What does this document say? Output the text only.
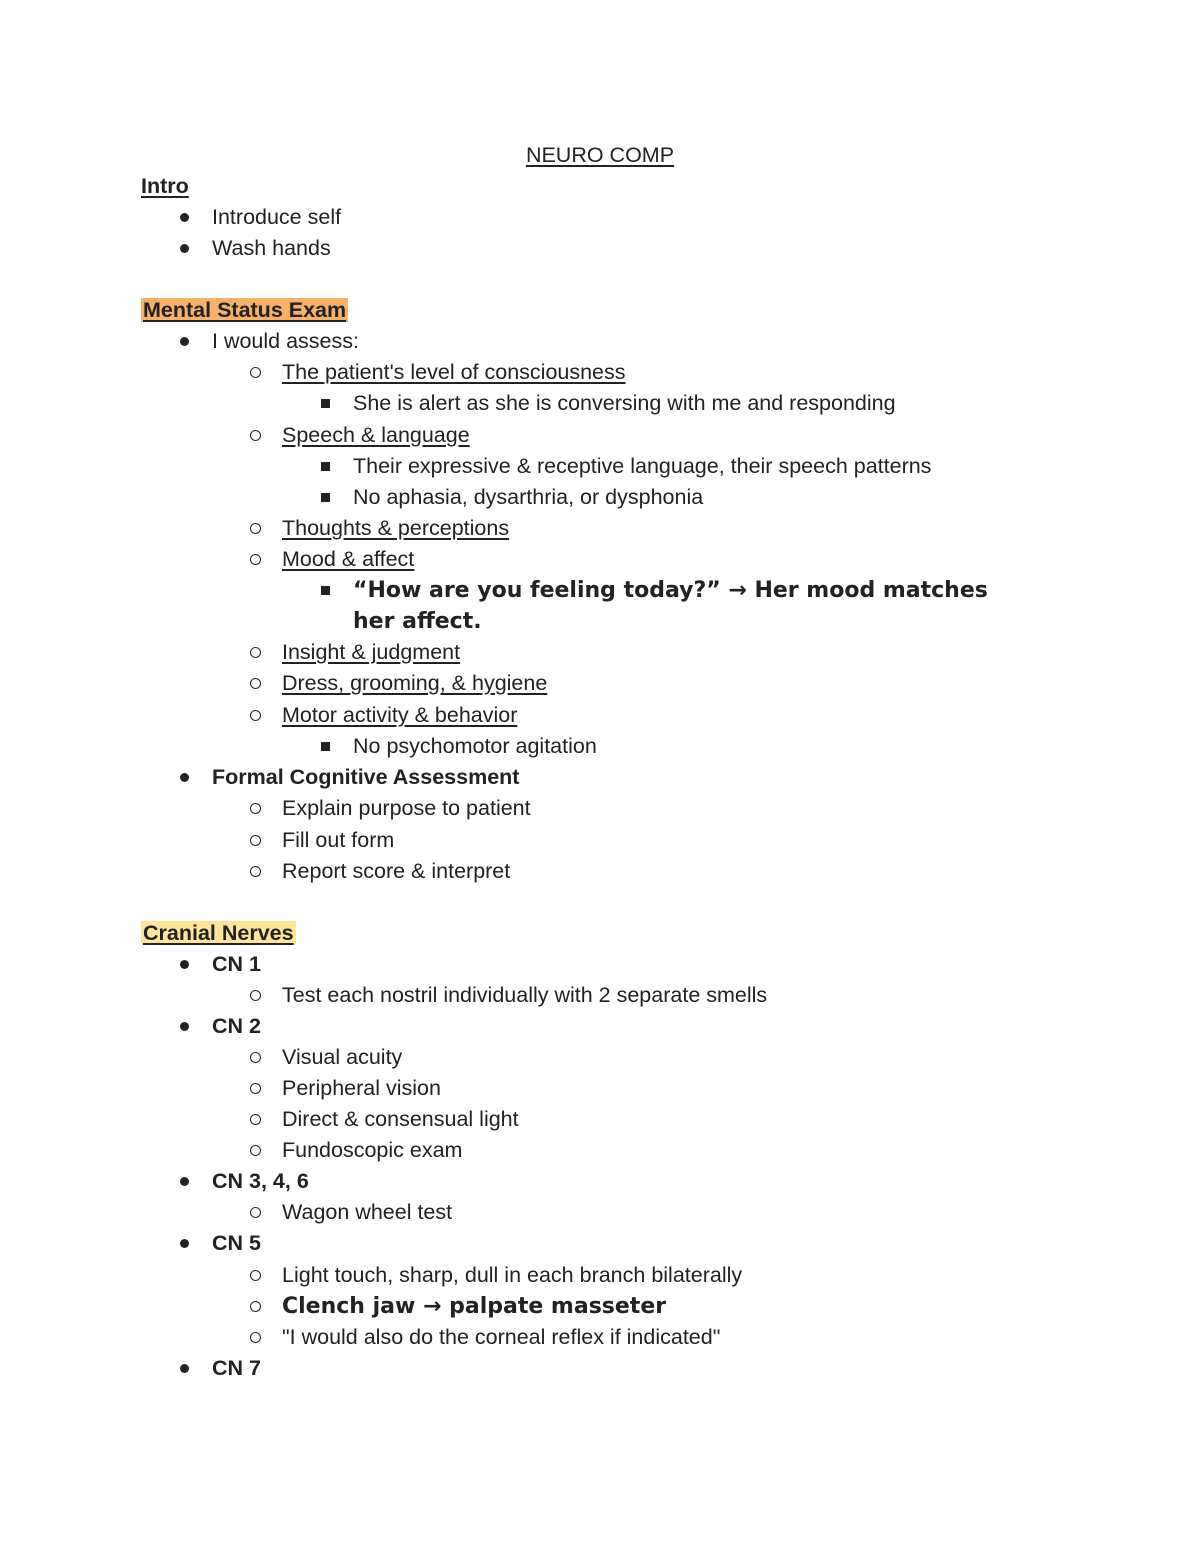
NEURO COMP
Intro
Introduce self
Wash hands
Mental Status Exam
I would assess:
The patient's level of consciousness
She is alert as she is conversing with me and responding
Speech & language
Their expressive & receptive language, their speech patterns
No aphasia, dysarthria, or dysphonia
Thoughts & perceptions
Mood & affect
“How are you feeling today?” → Her mood matches her affect.
Insight & judgment
Dress, grooming, & hygiene
Motor activity & behavior
No psychomotor agitation
Formal Cognitive Assessment
Explain purpose to patient
Fill out form
Report score & interpret
Cranial Nerves
CN 1
Test each nostril individually with 2 separate smells
CN 2
Visual acuity
Peripheral vision
Direct & consensual light
Fundoscopic exam
CN 3, 4, 6
Wagon wheel test
CN 5
Light touch, sharp, dull in each branch bilaterally
Clench jaw → palpate masseter
"I would also do the corneal reflex if indicated"
CN 7
